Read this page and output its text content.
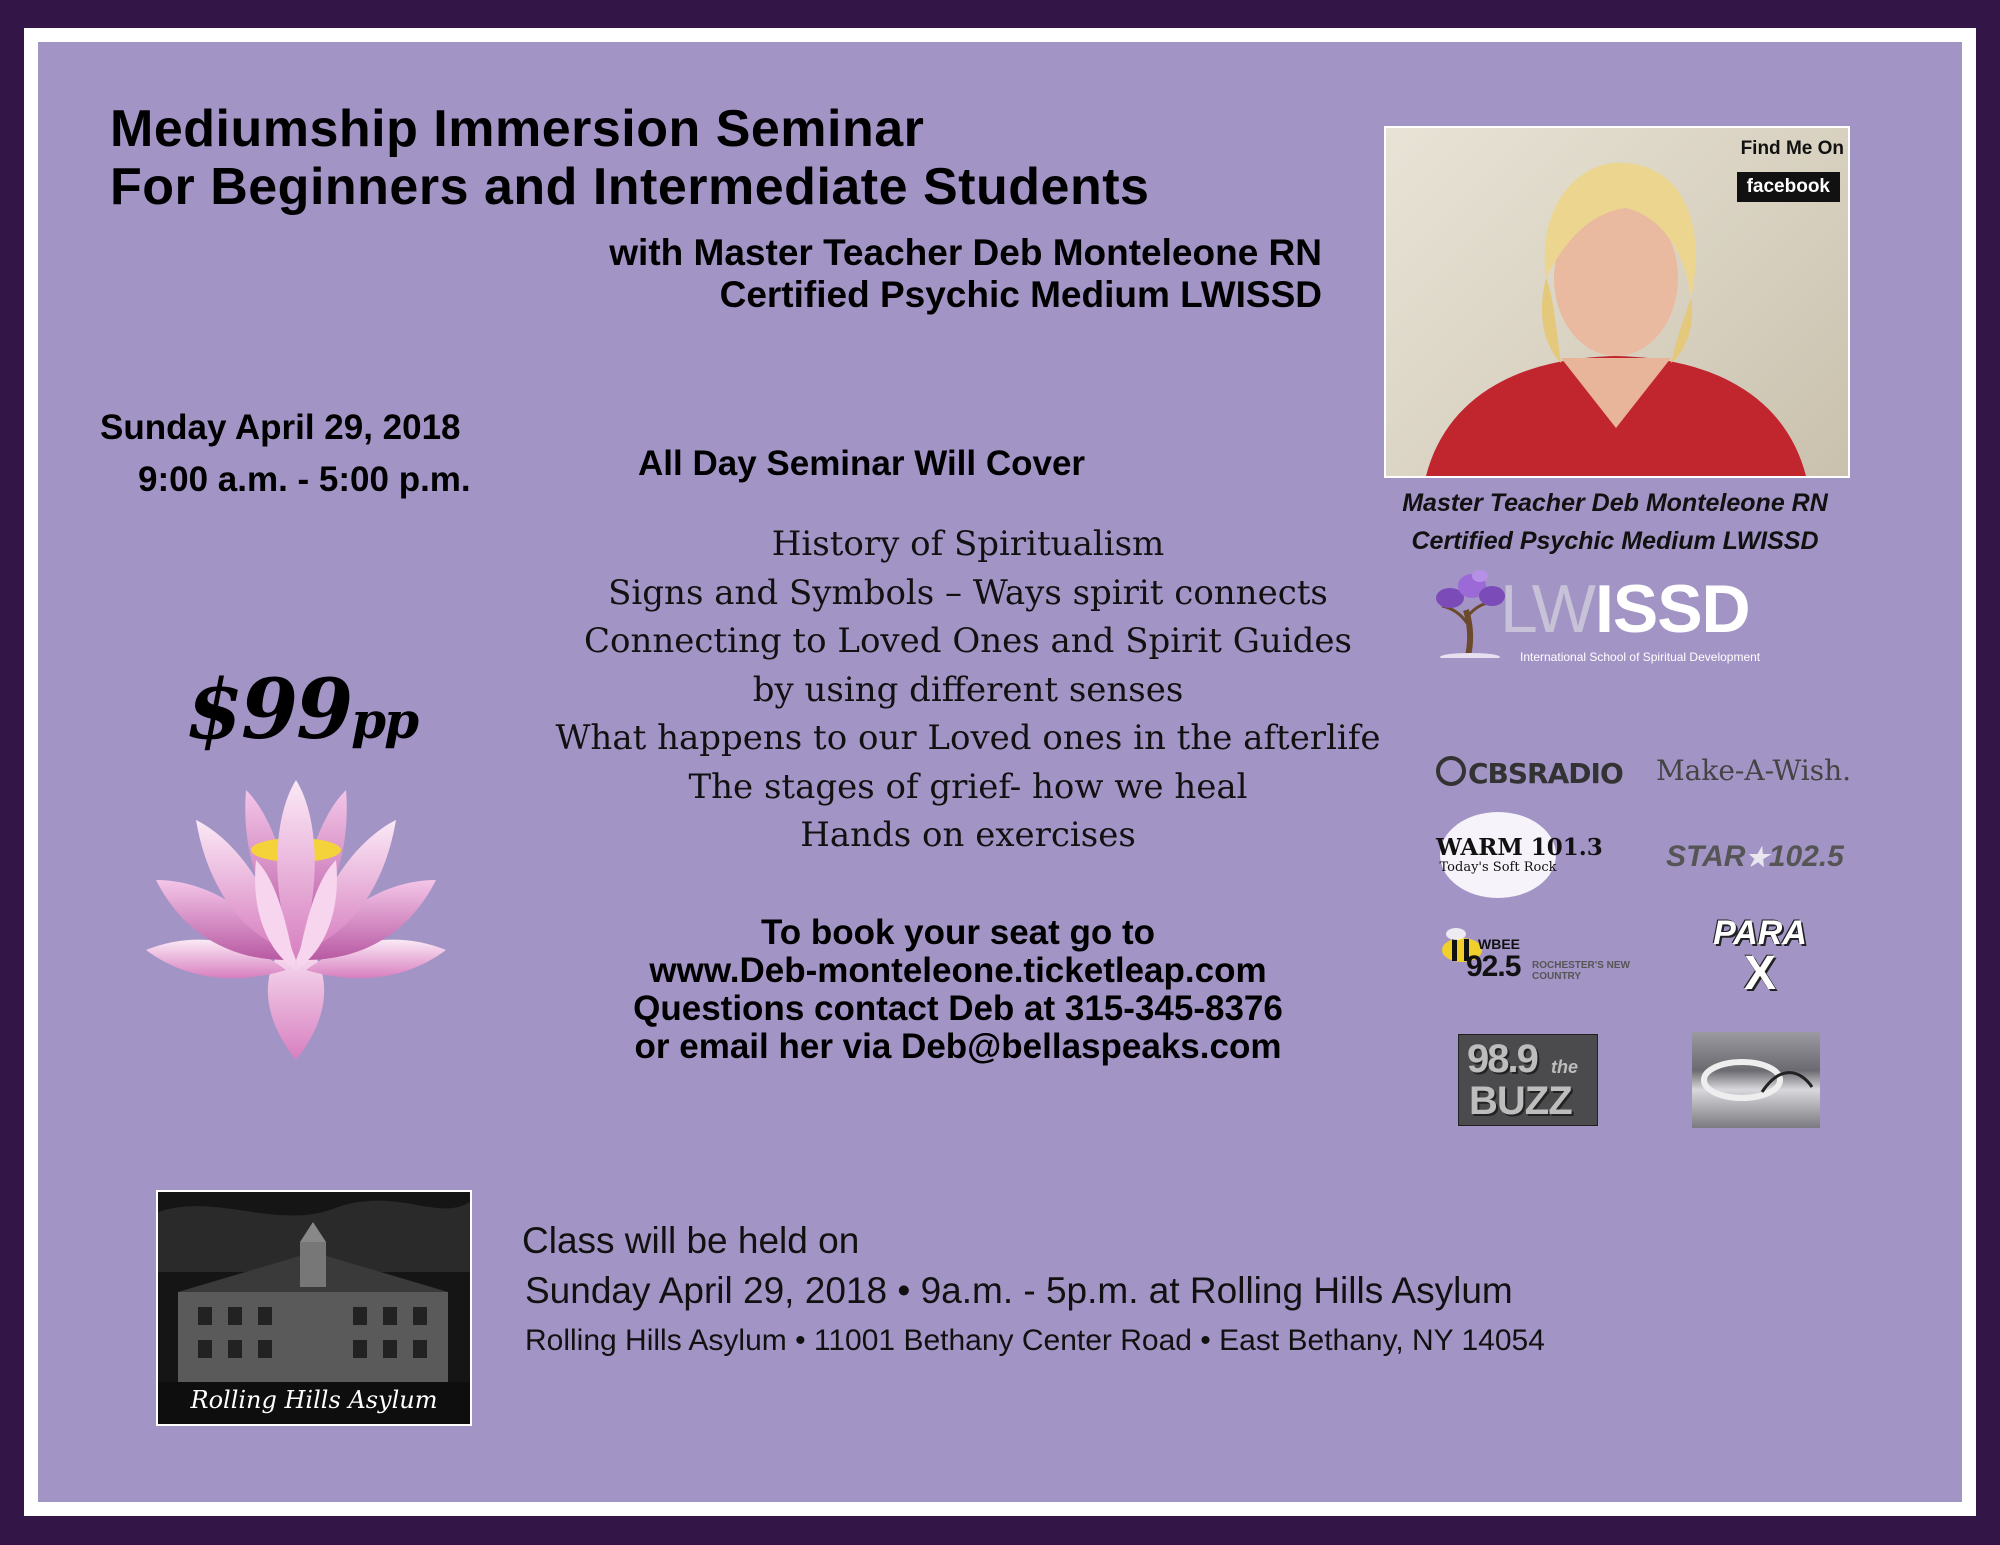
Mediumship Immersion Seminar
For Beginners and Intermediate Students
with Master Teacher Deb Monteleone RN
Certified Psychic Medium LWISSD
Sunday April 29, 2018
9:00 a.m. - 5:00 p.m.	All Day Seminar Will Cover
History of Spiritualism
Signs and Symbols – Ways spirit connects
Connecting to Loved Ones and Spirit Guides
by using different senses
What happens to our Loved ones in the afterlife
The stages of grief- how we heal
Hands on exercises
$99pp
To book your seat go to
www.Deb-monteleone.ticketleap.com
Questions contact Deb at 315-345-8376
or email her via Deb@bellaspeaks.com
Find Me On
facebook
Master Teacher Deb Monteleone RN
Certified Psychic Medium LWISSD
LWISSD
International School of Spiritual Development
CBSRADIO Make-A-Wish.
WARM 101.3
Today's Soft Rock	STAR★102.5
WBEE
92.5 ROCHESTER'S NEW COUNTRY
PARA
X
98.9 the
BUZZ
Rolling Hills Asylum
Class will be held on
Sunday April 29, 2018 • 9a.m. - 5p.m. at Rolling Hills Asylum
Rolling Hills Asylum • 11001 Bethany Center Road • East Bethany, NY 14054
